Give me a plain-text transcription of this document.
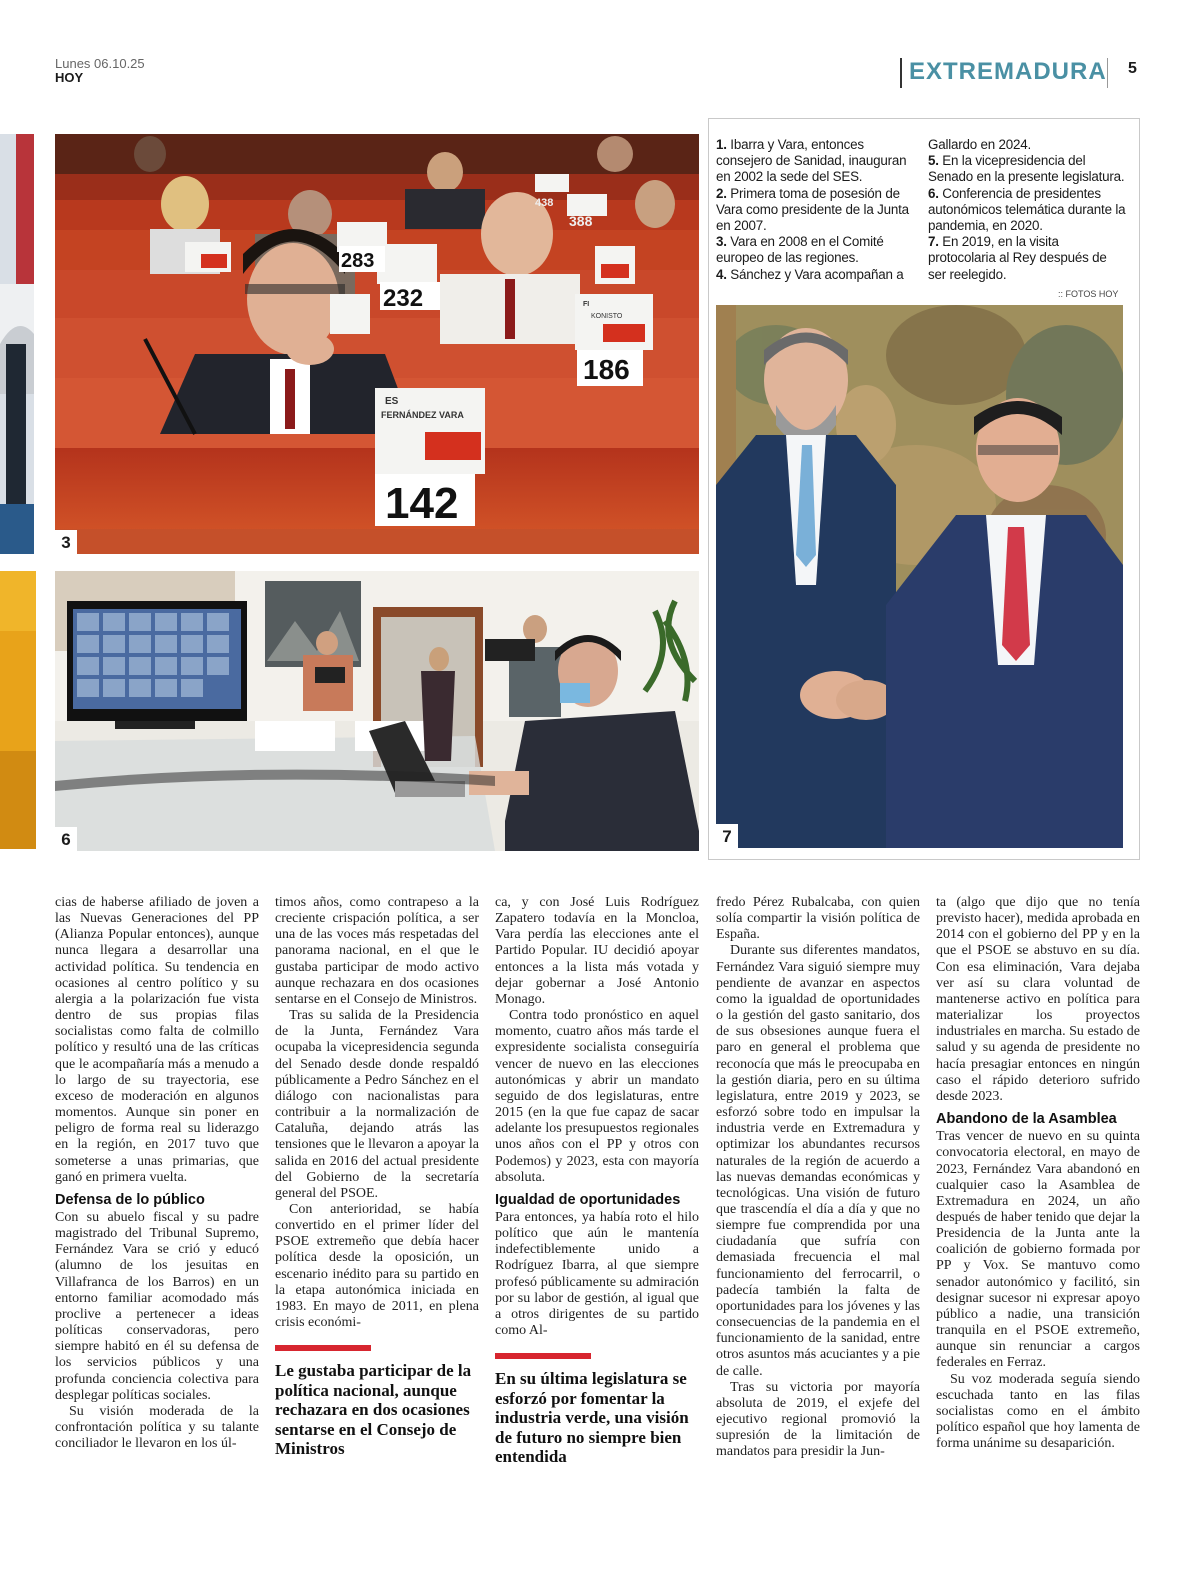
Lunes 06.10.25
HOY	EXTREMADURA 5
ES
FERNÁNDEZ VARA
142
FI
KONISTO
186
232
283
388
438
3
6

1. Ibarra y Vara, entonces consejero de Sanidad, inauguran en 2002 la sede del SES.

2. Primera toma de posesión de Vara como presidente de la Junta en 2007.

3. Vara en 2008 en el Comité europeo de las regiones.

4. Sánchez y Vara acompañan a

Gallardo en 2024.

5. En la vicepresidencia del Senado en la presente legislatura.

6. Conferencia de presidentes autonómicos telemática durante la pandemia, en 2020.

7. En 2019, en la visita protocolaria al Rey después de ser reelegido.

:: FOTOS HOY
7

cias de haberse afiliado de joven a las Nuevas Generaciones del PP (Alianza Popular entonces), aunque nunca llegara a desarrollar una actividad política. Su tendencia en ocasiones al centro político y su alergia a la polarización fue vista dentro de sus propias filas socialistas como falta de colmillo político y resultó una de las críticas que le acompañaría más a menudo a lo largo de su trayectoria, ese exceso de moderación en algunos momentos. Aunque sin poner en peligro de forma real su liderazgo en la región, en 2017 tuvo que someterse a unas primarias, que ganó en primera vuelta.

Defensa de lo público

Con su abuelo fiscal y su padre magistrado del Tribunal Supremo, Fernández Vara se crió y educó (alumno de los jesuitas en Villafranca de los Barros) en un entorno familiar acomodado más proclive a pertenecer a ideas políticas conservadoras, pero siempre habitó en él su defensa de los servicios públicos y una profunda conciencia colectiva para desplegar políticas sociales.

Su visión moderada de la confrontación política y su talante conciliador le llevaron en los úl-

timos años, como contrapeso a la creciente crispación política, a ser una de las voces más respetadas del panorama nacional, en el que le gustaba participar de modo activo aunque rechazara en dos ocasiones sentarse en el Consejo de Ministros.

Tras su salida de la Presidencia de la Junta, Fernández Vara ocupaba la vicepresidencia segunda del Senado desde donde respaldó públicamente a Pedro Sánchez en el diálogo con nacionalistas para contribuir a la normalización de Cataluña, dejando atrás las tensiones que le llevaron a apoyar la salida en 2016 del actual presidente del Gobierno de la secretaría general del PSOE.

Con anterioridad, se había convertido en el primer líder del PSOE extremeño que debía hacer política desde la oposición, un escenario inédito para su partido en la etapa autonómica iniciada en 1983. En mayo de 2011, en plena crisis económi-

Le gustaba participar de la política nacional, aunque rechazara en dos ocasiones sentarse en el Consejo de Ministros

ca, y con José Luis Rodríguez Zapatero todavía en la Moncloa, Vara perdía las elecciones ante el Partido Popular. IU decidió apoyar entonces a la lista más votada y dejar gobernar a José Antonio Monago.

Contra todo pronóstico en aquel momento, cuatro años más tarde el expresidente socialista conseguiría vencer de nuevo en las elecciones autonómicas y abrir un mandato seguido de dos legislaturas, entre 2015 (en la que fue capaz de sacar adelante los presupuestos regionales unos años con el PP y otros con Podemos) y 2023, esta con mayoría absoluta.

Igualdad de oportunidades

Para entonces, ya había roto el hilo político que aún le mantenía indefectiblemente unido a Rodríguez Ibarra, al que siempre profesó públicamente su admiración por su labor de gestión, al igual que a otros dirigentes de su partido como Al-

En su última legislatura se esforzó por fomentar la industria verde, una visión de futuro no siempre bien entendida

fredo Pérez Rubalcaba, con quien solía compartir la visión política de España.

Durante sus diferentes mandatos, Fernández Vara siguió siempre muy pendiente de avanzar en aspectos como la igualdad de oportunidades o la gestión del gasto sanitario, dos de sus obsesiones aunque fuera el paro en general el problema que reconocía que más le preocupaba en la gestión diaria, pero en su última legislatura, entre 2019 y 2023, se esforzó sobre todo en impulsar la industria verde en Extremadura y optimizar los abundantes recursos naturales de la región de acuerdo a las nuevas demandas económicas y tecnológicas. Una visión de futuro que trascendía el día a día y que no siempre fue comprendida por una ciudadanía que sufría con demasiada frecuencia el mal funcionamiento del ferrocarril, o padecía también la falta de oportunidades para los jóvenes y las consecuencias de la pandemia en el funcionamiento de la sanidad, entre otros asuntos más acuciantes y a pie de calle.

Tras su victoria por mayoría absoluta de 2019, el exjefe del ejecutivo regional promovió la supresión de la limitación de mandatos para presidir la Jun-

ta (algo que dijo que no tenía previsto hacer), medida aprobada en 2014 con el gobierno del PP y en la que el PSOE se abstuvo en su día. Con esa eliminación, Vara dejaba ver así su clara voluntad de mantenerse activo en política para materializar los proyectos industriales en marcha. Su estado de salud y su agenda de presidente no hacía presagiar entonces en ningún caso el rápido deterioro sufrido desde 2023.

Abandono de la Asamblea

Tras vencer de nuevo en su quinta convocatoria electoral, en mayo de 2023, Fernández Vara abandonó en cualquier caso la Asamblea de Extremadura en 2024, un año después de haber tenido que dejar la Presidencia de la Junta ante la coalición de gobierno formada por PP y Vox. Se mantuvo como senador autonómico y facilitó, sin designar sucesor ni expresar apoyo público a nadie, una transición tranquila en el PSOE extremeño, aunque sin renunciar a cargos federales en Ferraz.

Su voz moderada seguía siendo escuchada tanto en las filas socialistas como en el ámbito político español que hoy lamenta de forma unánime su desaparición.
